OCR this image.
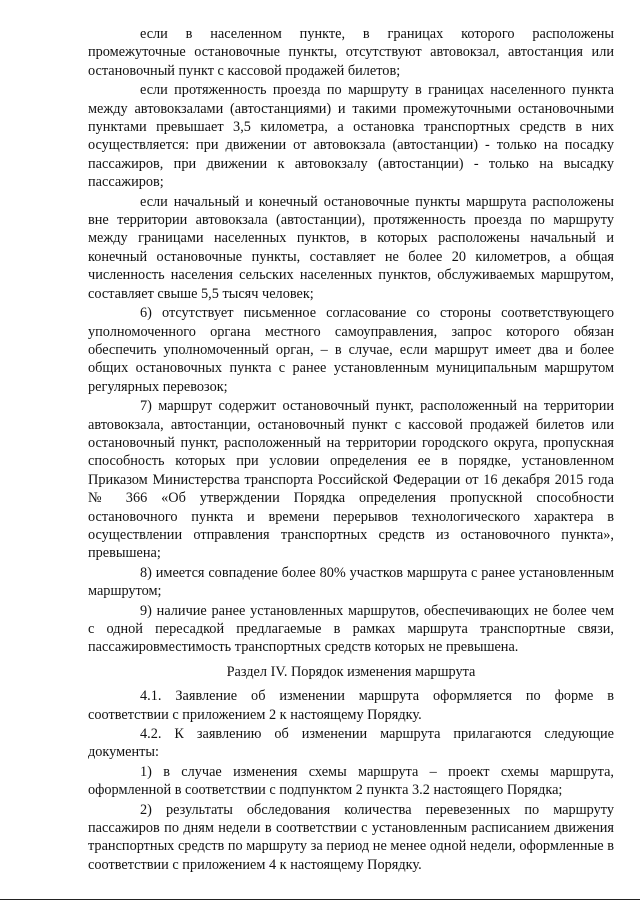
если в населенном пункте, в границах которого расположены промежуточные остановочные пункты, отсутствуют автовокзал, автостанция или остановочный пункт с кассовой продажей билетов;

если протяженность проезда по маршруту в границах населенного пункта между автовокзалами (автостанциями) и такими промежуточными остановочными пунктами превышает 3,5 километра, а остановка транспортных средств в них осуществляется: при движении от автовокзала (автостанции) - только на посадку пассажиров, при движении к автовокзалу (автостанции) - только на высадку пассажиров;

если начальный и конечный остановочные пункты маршрута расположены вне территории автовокзала (автостанции), протяженность проезда по маршруту между границами населенных пунктов, в которых расположены начальный и конечный остановочные пункты, составляет не более 20 километров, а общая численность населения сельских населенных пунктов, обслуживаемых маршрутом, составляет свыше 5,5 тысяч человек;

6) отсутствует письменное согласование со стороны соответствующего уполномоченного органа местного самоуправления, запрос которого обязан обеспечить уполномоченный орган, – в случае, если маршрут имеет два и более общих остановочных пункта с ранее установленным муниципальным маршрутом регулярных перевозок;

7) маршрут содержит остановочный пункт, расположенный на территории автовокзала, автостанции, остановочный пункт с кассовой продажей билетов или остановочный пункт, расположенный на территории городского округа, пропускная способность которых при условии определения ее в порядке, установленном Приказом Министерства транспорта Российской Федерации от 16 декабря 2015 года № 366 «Об утверждении Порядка определения пропускной способности остановочного пункта и времени перерывов технологического характера в осуществлении отправления транспортных средств из остановочного пункта», превышена;

8) имеется совпадение более 80% участков маршрута с ранее установленным маршрутом;

9) наличие ранее установленных маршрутов, обеспечивающих не более чем с одной пересадкой предлагаемые в рамках маршрута транспортные связи, пассажировместимость транспортных средств которых не превышена.

Раздел IV. Порядок изменения маршрута

4.1. Заявление об изменении маршрута оформляется по форме в соответствии с приложением 2 к настоящему Порядку.

4.2. К заявлению об изменении маршрута прилагаются следующие документы:

1) в случае изменения схемы маршрута – проект схемы маршрута, оформленной в соответствии с подпунктом 2 пункта 3.2 настоящего Порядка;

2) результаты обследования количества перевезенных по маршруту пассажиров по дням недели в соответствии с установленным расписанием движения транспортных средств по маршруту за период не менее одной недели, оформленные в соответствии с приложением 4 к настоящему Порядку.
